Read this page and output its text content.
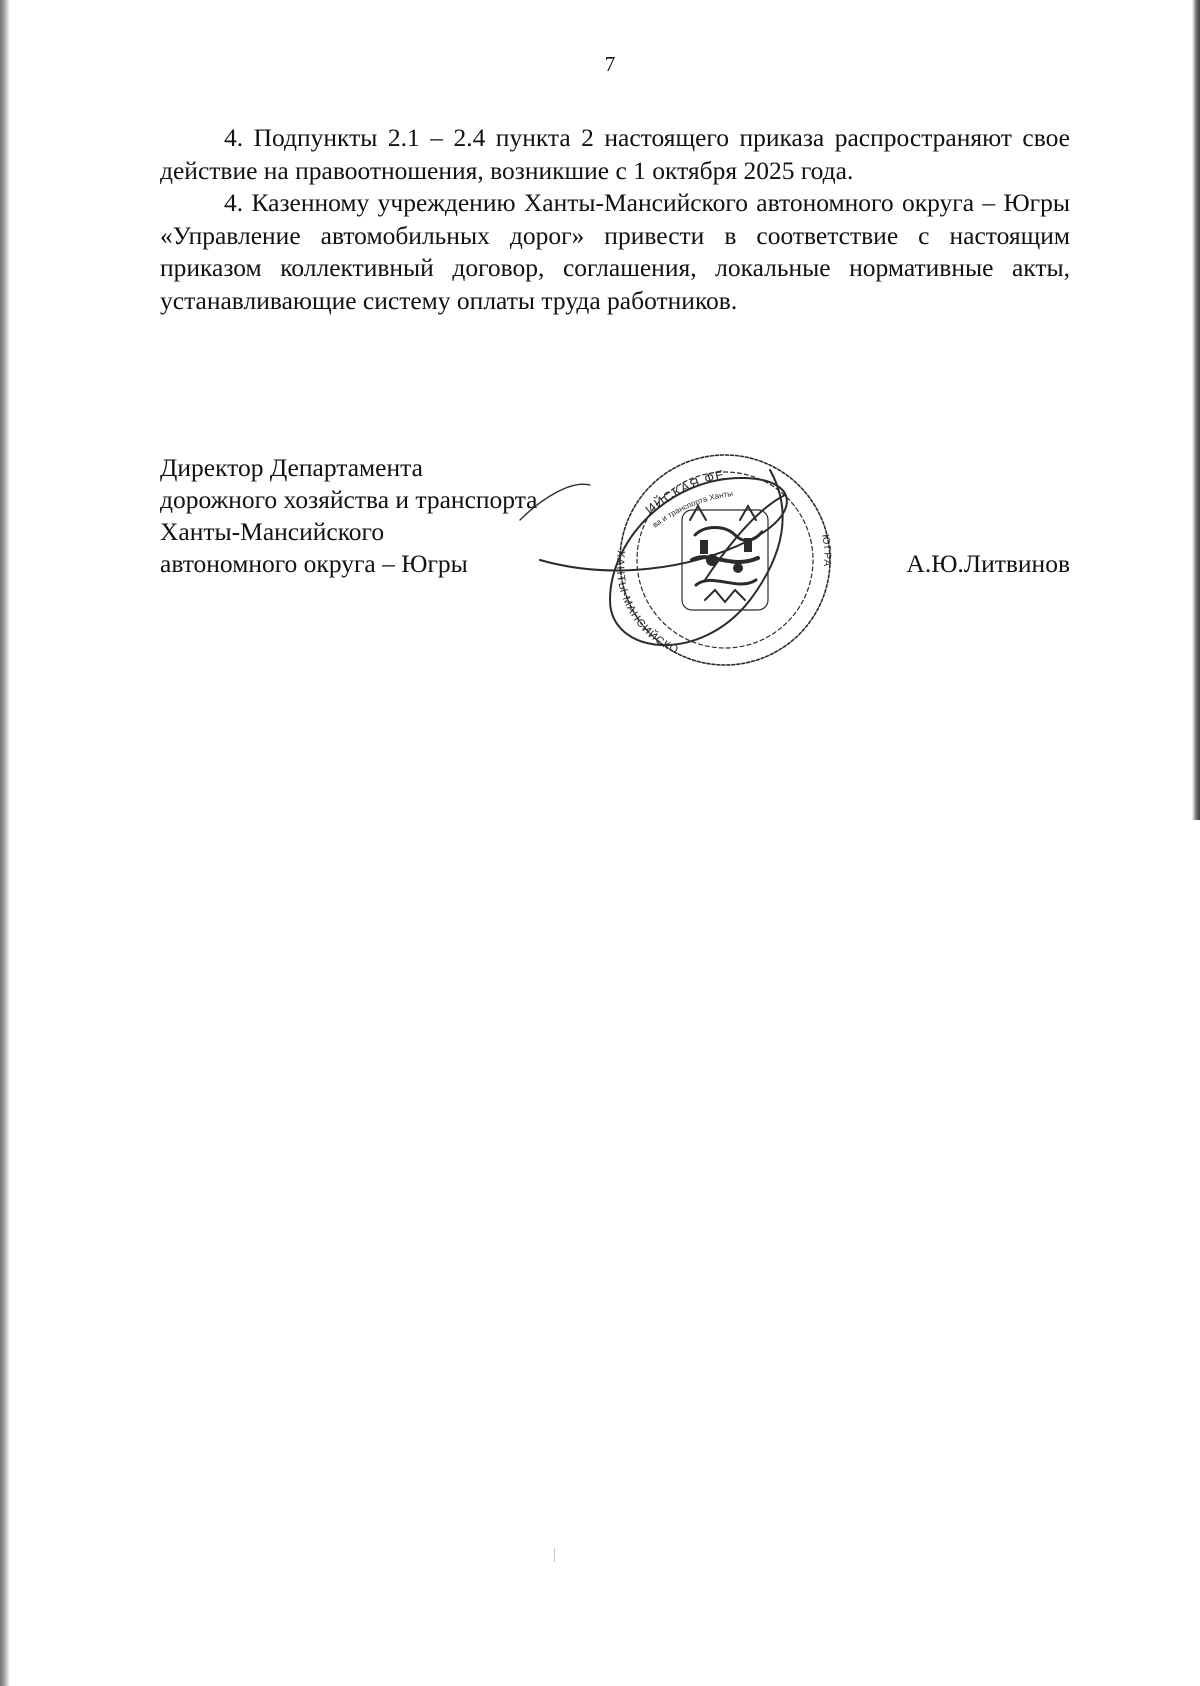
7

4. Подпункты 2.1 – 2.4 пункта 2 настоящего приказа распространяют свое действие на правоотношения, возникшие с 1 октября 2025 года.

4. Казенному учреждению Ханты-Мансийского автономного округа – Югры «Управление автомобильных дорог» привести в соответствие с настоящим приказом коллективный договор, соглашения, локальные нормативные акты, устанавливающие систему оплаты труда работников.

Директор Департамента
дорожного хозяйства и транспорта
Ханты-Мансийского
автономного округа – Югры	А.Ю.Литвинов
ИЙСКАЯ ФЕ
ва и транспорта Ханты
ХАНТЫ-МАНСИЙСКО
ЮГРА
